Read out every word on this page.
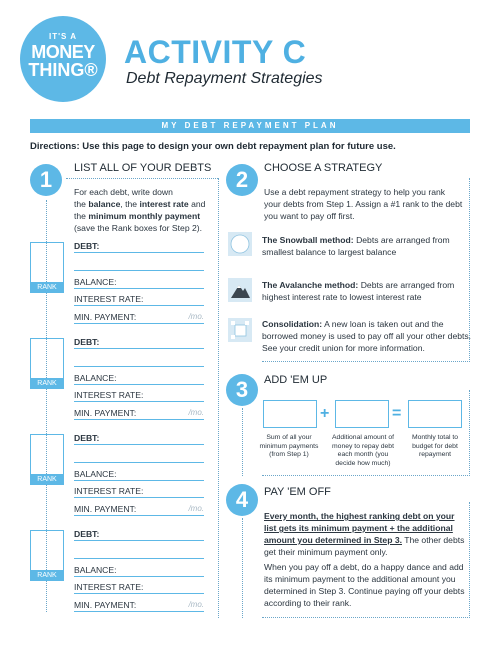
IT'S A
MONEY
THING® ACTIVITY C
Debt Repayment Strategies
MY DEBT REPAYMENT PLAN
Directions: Use this page to design your own debt repayment plan for future use.
1	LIST ALL OF YOUR DEBTS
For each debt, write down
the balance, the interest rate and
the minimum monthly payment
(save the Rank boxes for Step 2).
RANK
DEBT:
BALANCE:
INTEREST RATE:
MIN. PAYMENT:	/mo.
RANK
DEBT:
BALANCE:
INTEREST RATE:
MIN. PAYMENT:	/mo.
RANK
DEBT:
BALANCE:
INTEREST RATE:
MIN. PAYMENT:	/mo.
RANK
DEBT:
BALANCE:
INTEREST RATE:
MIN. PAYMENT:	/mo.
2	CHOOSE A STRATEGY
Use a debt repayment strategy to help you rank your debts from Step 1. Assign a #1 rank to the debt you want to pay off first.
The Snowball method: Debts are arranged from smallest balance to largest balance
The Avalanche method: Debts are arranged from highest interest rate to lowest interest rate
Consolidation: A new loan is taken out and the borrowed money is used to pay off all your other debts. See your credit union for more information.
3	ADD 'EM UP
+	=
Sum of all your minimum payments (from Step 1)
Additional amount of money to repay debt each month (you decide how much)
Monthly total to budget for debt repayment
4	PAY 'EM OFF
Every month, the highest ranking debt on your list gets its minimum payment + the additional amount you determined in Step 3. The other debts get their minimum payment only.
When you pay off a debt, do a happy dance and add its minimum payment to the additional amount you determined in Step 3. Continue paying off your debts according to their rank.
